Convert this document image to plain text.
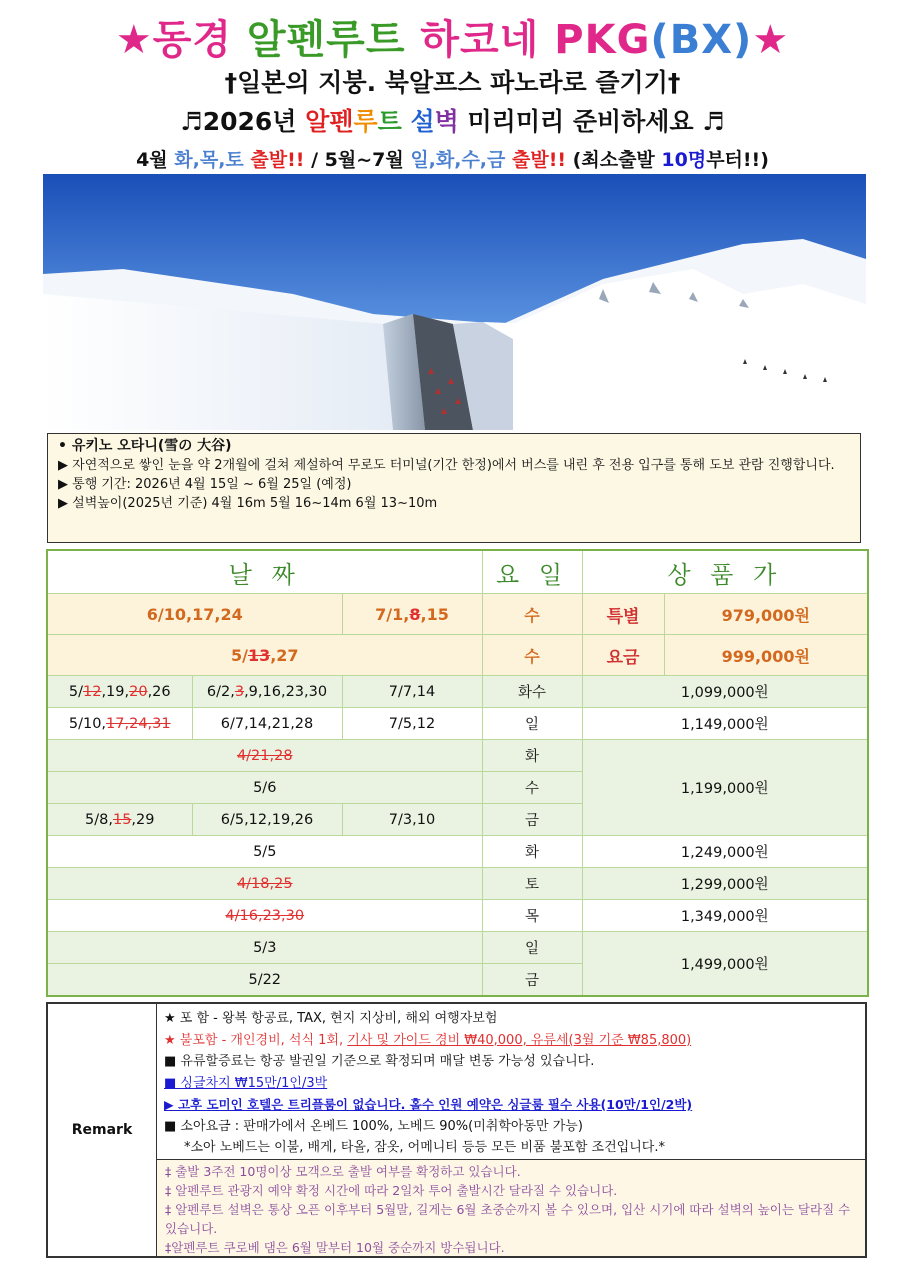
★동경 알펜루트 하코네 PKG(BX)★
†일본의 지붕. 북알프스 파노라로 즐기기†
♬2026년 알펜루트 설벽 미리미리 준비하세요 ♬
4월 화,목,토 출발!! / 5월~7월 일,화,수,금 출발!! (최소출발 10명부터!!)

• 유키노 오타니(雪の 大谷)

▶ 자연적으로 쌓인 눈을 약 2개월에 걸쳐 제설하여 무로도 터미널(기간 한정)에서 버스를 내린 후 전용 입구를 통해 도보 관람 진행합니다.

▶ 통행 기간: 2026년 4월 15일 ~ 6월 25일 (예정)

▶ 설벽높이(2025년 기준) 4월 16m 5월 16~14m 6월 13~10m

날 짜			요 일	상 품 가	
6/10,17,24		7/1,8,15	수	특별	979,000원
5/13,27			수	요금	999,000원
5/12,19,20,26	6/2,3,9,16,23,30	7/7,14	화수	1,099,000원	
5/10,17,24,31	6/7,14,21,28	7/5,12	일	1,149,000원	
4/21,28			화	1,199,000원	
5/6			수		
5/8,15,29	6/5,12,19,26	7/3,10	금		
5/5			화	1,249,000원	
4/18,25			토	1,299,000원	
4/16,23,30			목	1,349,000원	
5/3			일	1,499,000원	
5/22			금		
Remark

★ 포 함 - 왕복 항공료, TAX, 현지 지상비, 해외 여행자보험

★ 불포함 - 개인경비, 석식 1회, 기사 및 가이드 경비 ₩40,000, 유류세(3월 기준 ₩85,800)

■ 유류할증료는 항공 발권일 기준으로 확정되며 매달 변동 가능성 있습니다.

■ 싱글차지 ₩15만/1인/3박

▶ 고후 도미인 호텔은 트리플룸이 없습니다. 홀수 인원 예약은 싱글룸 필수 사용(10만/1인/2박)

■ 소아요금 : 판매가에서 온베드 100%, 노베드 90%(미취학아동만 가능)

*소아 노베드는 이불, 배게, 타올, 잠옷, 어메니티 등등 모든 비품 불포함 조건입니다.*

‡ 출발 3주전 10명이상 모객으로 출발 여부를 확정하고 있습니다.

‡ 알펜루트 관광지 예약 확정 시간에 따라 2일차 투어 출발시간 달라질 수 있습니다.

‡ 알펜루트 설벽은 통상 오픈 이후부터 5월말, 길게는 6월 초중순까지 볼 수 있으며, 입산 시기에 따라 설벽의 높이는 달라질 수 있습니다.

‡알펜루트 쿠로베 댐은 6월 말부터 10월 중순까지 방수됩니다.
